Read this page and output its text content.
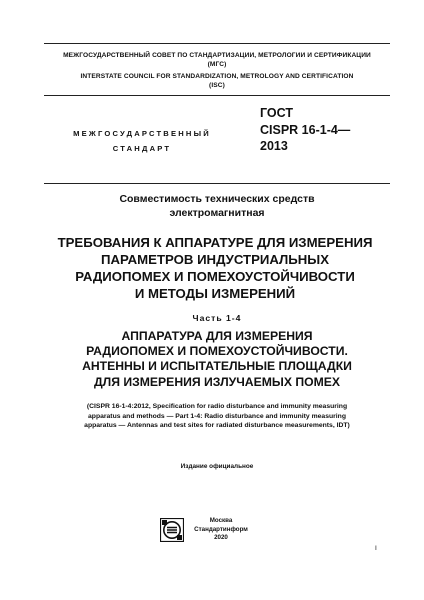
МЕЖГОСУДАРСТВЕННЫЙ СОВЕТ ПО СТАНДАРТИЗАЦИИ, МЕТРОЛОГИИ И СЕРТИФИКАЦИИ
(МГС)
INTERSTATE COUNCIL FOR STANDARDIZATION, METROLOGY AND CERTIFICATION
(ISC)
МЕЖГОСУДАРСТВЕННЫЙ
СТАНДАРТ
ГОСТ
CISPR 16-1-4—
2013
Совместимость технических средств
электромагнитная
ТРЕБОВАНИЯ К АППАРАТУРЕ ДЛЯ ИЗМЕРЕНИЯ
ПАРАМЕТРОВ ИНДУСТРИАЛЬНЫХ
РАДИОПОМЕХ И ПОМЕХОУСТОЙЧИВОСТИ
И МЕТОДЫ ИЗМЕРЕНИЙ
Часть 1-4
АППАРАТУРА ДЛЯ ИЗМЕРЕНИЯ
РАДИОПОМЕХ И ПОМЕХОУСТОЙЧИВОСТИ.
АНТЕННЫ И ИСПЫТАТЕЛЬНЫЕ ПЛОЩАДКИ
ДЛЯ ИЗМЕРЕНИЯ ИЗЛУЧАЕМЫХ ПОМЕХ
(CISPR 16-1-4:2012, Specification for radio disturbance and immunity measuring
apparatus and methods — Part 1-4: Radio disturbance and immunity measuring
apparatus — Antennas and test sites for radiated disturbance measurements, IDT)
Издание официальное
Москва
Стандартинформ
2020
I
